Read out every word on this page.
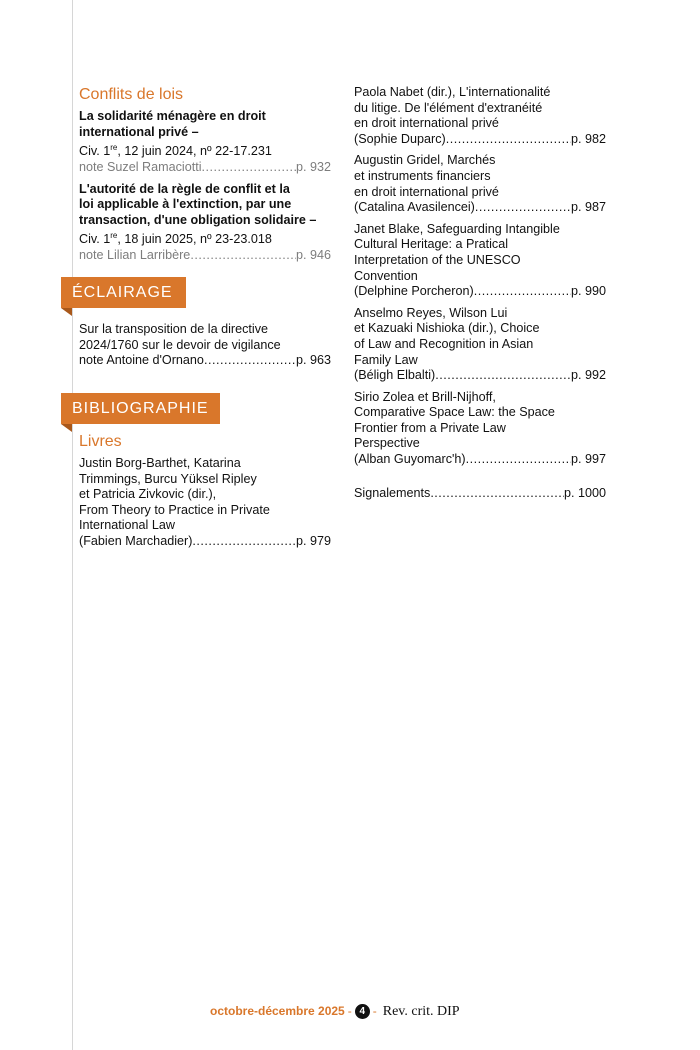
Conflits de lois
La solidarité ménagère en droit
international privé –
Civ. 1re, 12 juin 2024, nº 22-17.231
note Suzel Ramaciotti .....	p. 932
L'autorité de la règle de conflit et la
loi applicable à l'extinction, par une
transaction, d'une obligation solidaire –
Civ. 1re, 18 juin 2025, nº 23-23.018
note Lilian Larribère .....	p. 946
ÉCLAIRAGE
Sur la transposition de la directive
2024/1760 sur le devoir de vigilance
note Antoine d'Ornano .....	p. 963
BIBLIOGRAPHIE
Livres
Justin Borg-Barthet, Katarina
Trimmings, Burcu Yüksel Ripley
et Patricia Zivkovic (dir.),
From Theory to Practice in Private
International Law
(Fabien Marchadier) .....	p. 979
Paola Nabet (dir.), L'internationalité
du litige. De l'élément d'extranéité
en droit international privé
(Sophie Duparc) .....	p. 982
Augustin Gridel, Marchés
et instruments financiers
en droit international privé
(Catalina Avasilencei) .....	p. 987
Janet Blake, Safeguarding Intangible
Cultural Heritage: a Pratical
Interpretation of the UNESCO
Convention
(Delphine Porcheron) .....	p. 990
Anselmo Reyes, Wilson Lui
et Kazuaki Nishioka (dir.), Choice
of Law and Recognition in Asian
Family Law
(Béligh Elbalti) .....	p. 992
Sirio Zolea et Brill-Nijhoff,
Comparative Space Law: the Space
Frontier from a Private Law
Perspective
(Alban Guyomarc'h) .....	p. 997
Signalements .....	p. 1000
octobre-décembre 2025 - 4 - Rev. crit. DIP
